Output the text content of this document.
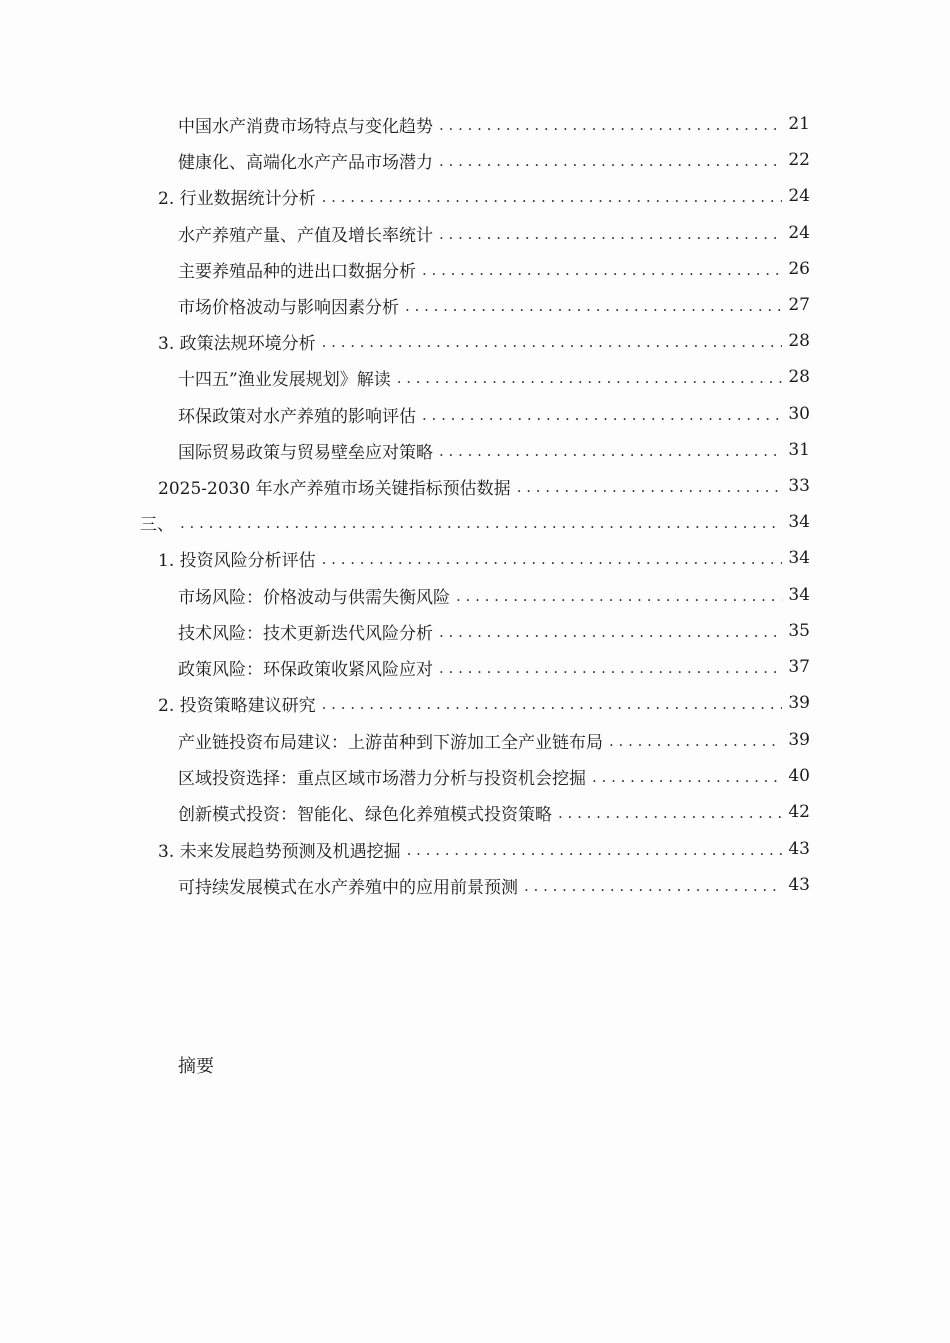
中国水产消费市场特点与变化趋势 . . .	21
健康化、高端化水产产品市场潜力 . . .	22
2. 行业数据统计分析 . . .	24
水产养殖产量、产值及增长率统计 . . .	24
主要养殖品种的进出口数据分析 . . .	26
市场价格波动与影响因素分析 . . .	27
3. 政策法规环境分析 . . .	28
十四五”渔业发展规划》解读 . . .	28
环保政策对水产养殖的影响评估 . . .	30
国际贸易政策与贸易壁垒应对策略 . . .	31
2025-2030 年水产养殖市场关键指标预估数据 . . .	33
三、 . . .	34
1. 投资风险分析评估 . . .	34
市场风险：价格波动与供需失衡风险 . . .	34
技术风险：技术更新迭代风险分析 . . .	35
政策风险：环保政策收紧风险应对 . . .	37
2. 投资策略建议研究 . . .	39
产业链投资布局建议：上游苗种到下游加工全产业链布局 . . .	39
区域投资选择：重点区域市场潜力分析与投资机会挖掘 . . .	40
创新模式投资：智能化、绿色化养殖模式投资策略 . . .	42
3. 未来发展趋势预测及机遇挖掘 . . .	43
可持续发展模式在水产养殖中的应用前景预测 . . .	43
摘要
